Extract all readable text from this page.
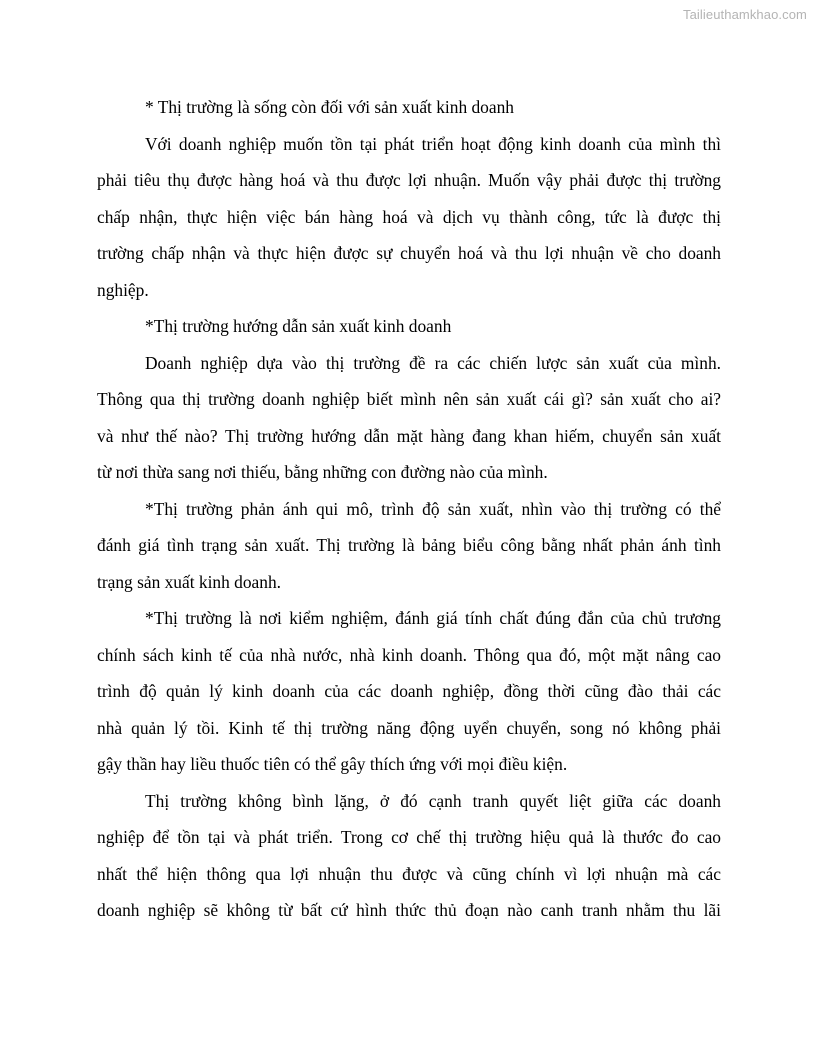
Tailieuthamkhao.com
* Thị trường là sống còn đối với sản xuất kinh doanh
Với doanh nghiệp muốn tồn tại phát triển hoạt động kinh doanh của mình thì
phải tiêu thụ được hàng hoá và thu được lợi nhuận. Muốn vậy phải được thị trường
chấp nhận, thực hiện việc bán hàng hoá và dịch vụ thành công, tức là được thị
trường chấp nhận và thực hiện được sự chuyển hoá và thu lợi nhuận về cho doanh
nghiệp.
*Thị trường hướng dẫn sản xuất kinh doanh
Doanh nghiệp dựa vào thị trường đề ra các chiến lược sản xuất của mình.
Thông qua thị trường doanh nghiệp biết mình nên sản xuất cái gì? sản xuất cho ai?
và như thế nào? Thị trường hướng dẫn mặt hàng đang khan hiếm, chuyển sản xuất
từ nơi thừa sang nơi thiếu, bằng những con đường nào của mình.
*Thị trường phản ánh qui mô, trình độ sản xuất, nhìn vào thị trường có thể
đánh giá tình trạng sản xuất. Thị trường là bảng biểu công bằng nhất phản ánh tình
trạng sản xuất kinh doanh.
*Thị trường là nơi kiểm nghiệm, đánh giá tính chất đúng đắn của chủ trương
chính sách kinh tế của nhà nước, nhà kinh doanh. Thông qua đó, một mặt nâng cao
trình độ quản lý kinh doanh của các doanh nghiệp, đồng thời cũng đào thải các
nhà quản lý tồi. Kinh tế thị trường năng động uyển chuyển, song nó không phải
gậy thần hay liều thuốc tiên có thể gây thích ứng với mọi điều kiện.
Thị trường không bình lặng, ở đó cạnh tranh quyết liệt giữa các doanh
nghiệp để tồn tại và phát triển. Trong cơ chế thị trường hiệu quả là thước đo cao
nhất thể hiện thông qua lợi nhuận thu được và cũng chính vì lợi nhuận mà các
doanh nghiệp sẽ không từ bất cứ hình thức thủ đoạn nào canh tranh nhằm thu lãi
